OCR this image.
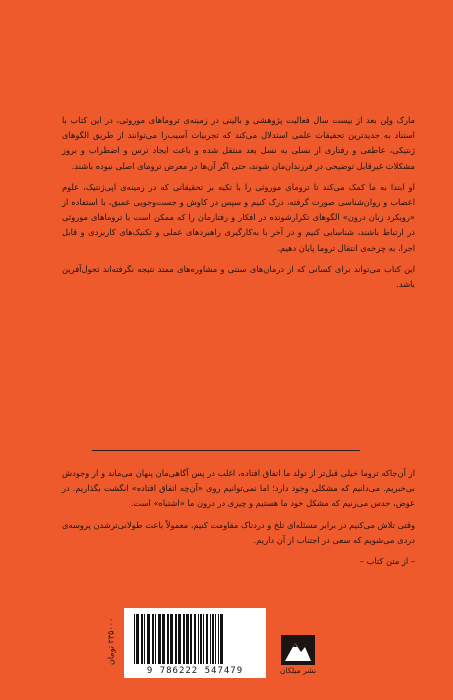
مارک ولِن بعد از بیست سال فعالیت پژوهشی و بالینی در زمینه‌ی تروماهای موروثی، در این کتاب با استناد به جدیدترین تحقیقات علمی استدلال می‌کند که تجربیات آسیب‌زا می‌توانند از طریق الگوهای ژنتیکی، عاطفی و رفتاری از نسلی به نسل بعد منتقل شده و باعث ایجاد ترس و اضطراب و بروز مشکلات غیرقابل توضیحی در فرزندان‌مان شوند، حتی اگر آن‌ها در معرض ترومای اصلی نبوده باشند.

او ابتدا به ما کمک می‌کند تا ترومای موروثی را با تکیه بر تحقیقاتی که در زمینه‌ی اپی‌ژنتیک، علوم اعصاب و روان‌شناسی صورت گرفته، درک کنیم و سپس در کاوش و جست‌وجویی عمیق، با استفاده از «رویکرد زبان درون» الگوهای تکرارشونده در افکار و رفتارمان را که ممکن است با تروماهای موروثی در ارتباط باشند، شناسایی کنیم و در آخر با به‌کارگیری راهبردهای عملی و تکنیک‌های کاربردی و قابل اجرا، به چرخه‌ی انتقال تروما پایان دهیم.

این کتاب می‌تواند برای کسانی که از درمان‌های سنتی و مشاوره‌های ممتد نتیجه نگرفته‌اند تحول‌آفرین باشد.

از آن‌جاکه تروما خیلی قبل‌تر از تولد ما اتفاق افتاده، اغلب در پس آگاهی‌مان پنهان می‌ماند و از وجودش بی‌خبریم. می‌دانیم که مشکلی وجود دارد؛ اما نمی‌توانیم روی «آن‌چه اتفاق افتاده» انگشت بگذاریم. در عوض، حدس می‌زنیم که مشکل خود ما هستیم و چیزی در درون ما «اشتباه» است.

وقتی تلاش می‌کنیم در برابر مسئله‌ای تلخ و دردناک مقاومت کنیم، معمولاً باعث طولانی‌ترشدن پروسه‌ی دردی می‌شویم که سعی در اجتناب از آن داریم.

– از متن کتاب –

۲۳۵۰۰۰ تومان
9 786222 547479	نشر میلکان
